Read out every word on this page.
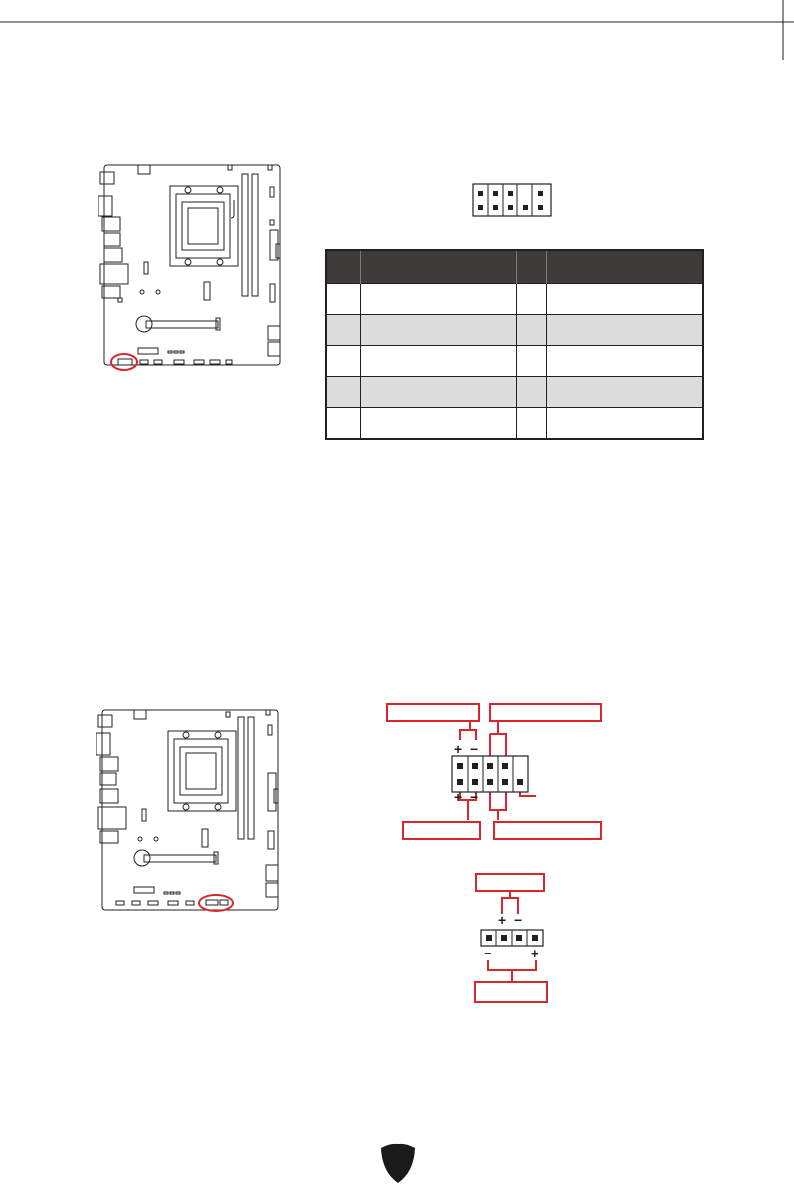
+ −
+ −
+ −
−	+
